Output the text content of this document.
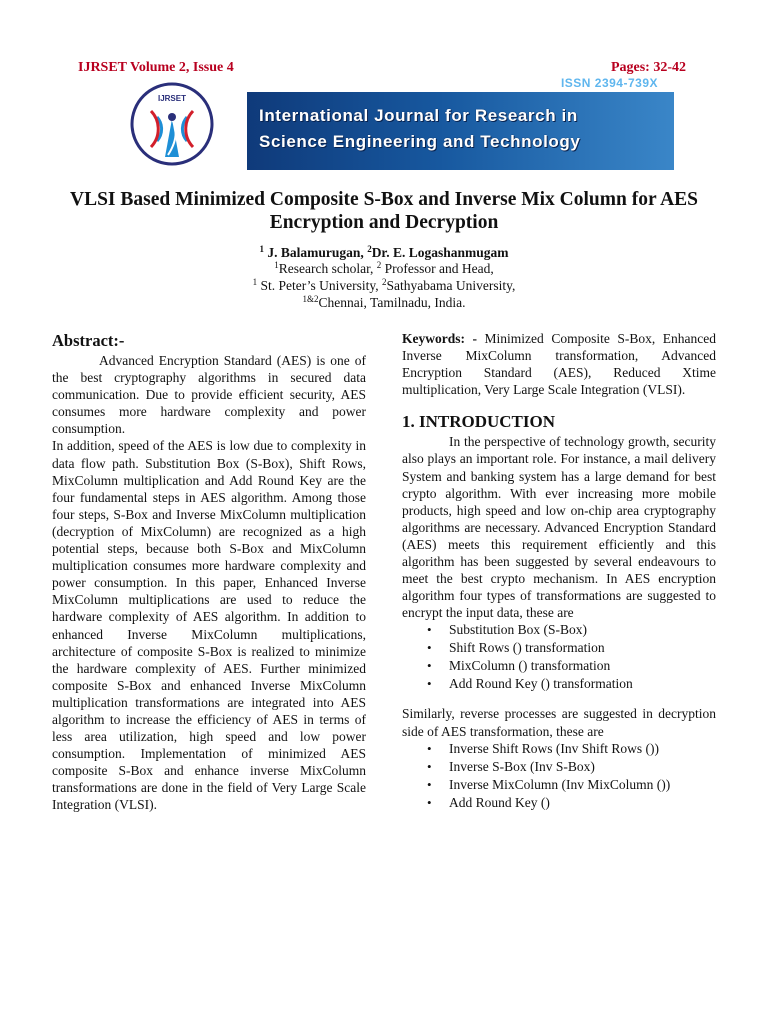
IJRSET Volume 2, Issue 4	Pages: 32-42
IJRSET
ISSN 2394-739X
International Journal for Research in
Science Engineering and Technology
VLSI Based Minimized Composite S-Box and Inverse Mix Column for AES Encryption and Decryption
$^1$ J. Balamurugan, $^2$Dr. E. Logashanmugam
$^1$Research scholar, $^2$ Professor and Head,
$^1$ St. Peter’s University, $^2$Sathyabama University,
$^{1\&2}$Chennai, Tamilnadu, India.
Abstract:-

Advanced Encryption Standard (AES) is one of the best cryptography algorithms in secured data communication. Due to provide efficient security, AES consumes more hardware complexity and power consumption.

In addition, speed of the AES is low due to complexity in data flow path. Substitution Box (S-Box), Shift Rows, MixColumn multiplication and Add Round Key are the four fundamental steps in AES algorithm. Among those four steps, S-Box and Inverse MixColumn multiplication (decryption of MixColumn) are recognized as a high potential steps, because both S-Box and MixColumn multiplication consumes more hardware complexity and power consumption. In this paper, Enhanced Inverse MixColumn multiplications are used to reduce the hardware complexity of AES algorithm. In addition to enhanced Inverse MixColumn multiplications, architecture of composite S-Box is realized to minimize the hardware complexity of AES. Further minimized composite S-Box and enhanced Inverse MixColumn multiplication transformations are integrated into AES algorithm to increase the efficiency of AES in terms of less area utilization, high speed and low power consumption. Implementation of minimized AES composite S-Box and enhance inverse MixColumn transformations are done in the field of Very Large Scale Integration (VLSI).

Keywords: - Minimized Composite S-Box, Enhanced Inverse MixColumn transformation, Advanced Encryption Standard (AES), Reduced Xtime multiplication, Very Large Scale Integration (VLSI).

1. INTRODUCTION

In the perspective of technology growth, security also plays an important role. For instance, a mail delivery System and banking system has a large demand for best crypto algorithm. With ever increasing more mobile products, high speed and low on-chip area cryptography algorithms are necessary. Advanced Encryption Standard (AES) meets this requirement efficiently and this algorithm has been suggested by several endeavours to meet the best crypto mechanism. In AES encryption algorithm four types of transformations are suggested to encrypt the input data, these are

• Substitution Box (S-Box)
• Shift Rows () transformation
• MixColumn () transformation
• Add Round Key () transformation

Similarly, reverse processes are suggested in decryption side of AES transformation, these are

• Inverse Shift Rows (Inv Shift Rows ())
• Inverse S-Box (Inv S-Box)
• Inverse MixColumn (Inv MixColumn ())
• Add Round Key ()
